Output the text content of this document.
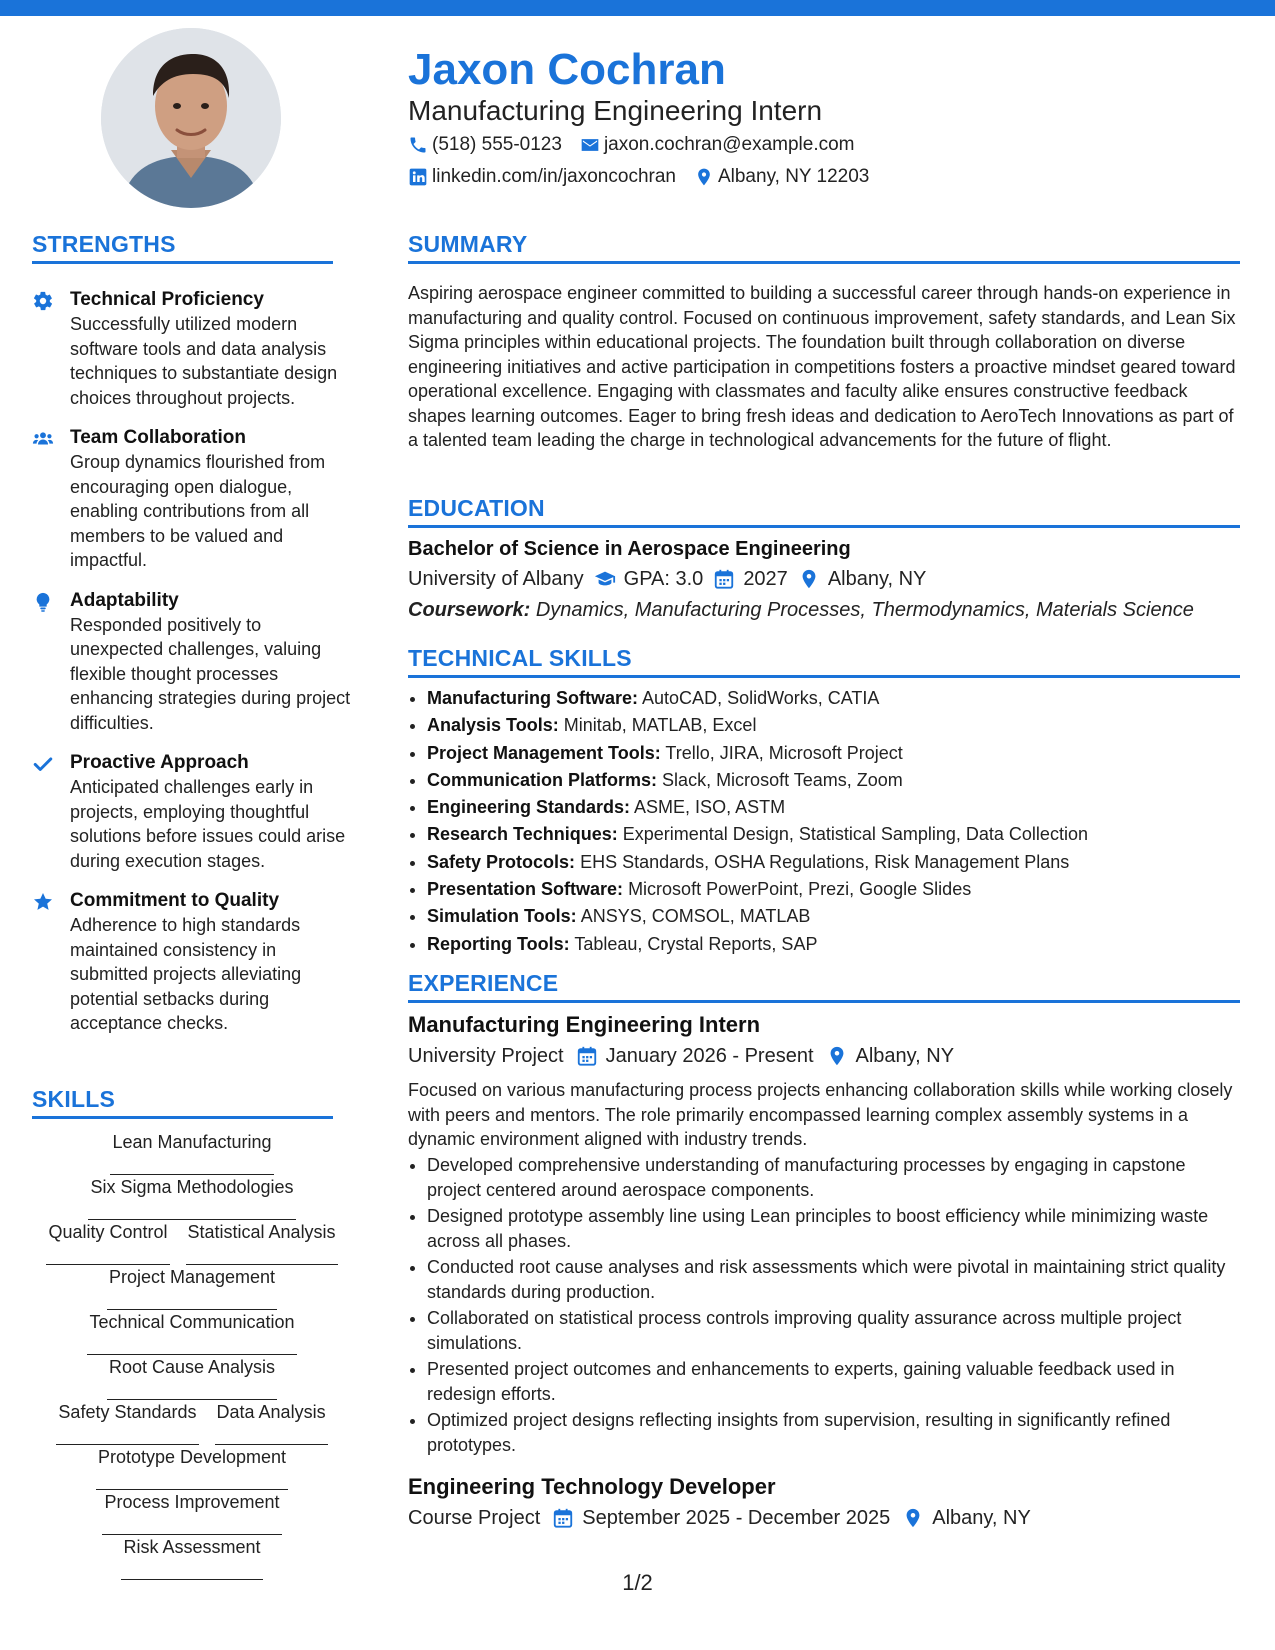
Jaxon Cochran
Manufacturing Engineering Intern
(518) 555-0123 jaxon.cochran@example.com
linkedin.com/in/jaxoncochran Albany, NY 12203
STRENGTHS
Technical Proficiency
Successfully utilized modern software tools and data analysis techniques to substantiate design choices throughout projects.
Team Collaboration
Group dynamics flourished from encouraging open dialogue, enabling contributions from all members to be valued and impactful.
Adaptability
Responded positively to unexpected challenges, valuing flexible thought processes enhancing strategies during project difficulties.
Proactive Approach
Anticipated challenges early in projects, employing thoughtful solutions before issues could arise during execution stages.
Commitment to Quality
Adherence to high standards maintained consistency in submitted projects alleviating potential setbacks during acceptance checks.
SKILLS
Lean Manufacturing
Six Sigma Methodologies
Quality Control Statistical Analysis
Project Management
Technical Communication
Root Cause Analysis
Safety Standards Data Analysis
Prototype Development
Process Improvement
Risk Assessment
SUMMARY
Aspiring aerospace engineer committed to building a successful career through hands-on experience in manufacturing and quality control. Focused on continuous improvement, safety standards, and Lean Six Sigma principles within educational projects. The foundation built through collaboration on diverse engineering initiatives and active participation in competitions fosters a proactive mindset geared toward operational excellence. Engaging with classmates and faculty alike ensures constructive feedback shapes learning outcomes. Eager to bring fresh ideas and dedication to AeroTech Innovations as part of a talented team leading the charge in technological advancements for the future of flight.
EDUCATION
Bachelor of Science in Aerospace Engineering
University of Albany GPA: 3.0 2027 Albany, NY
Coursework: Dynamics, Manufacturing Processes, Thermodynamics, Materials Science
TECHNICAL SKILLS
• Manufacturing Software: AutoCAD, SolidWorks, CATIA
• Analysis Tools: Minitab, MATLAB, Excel
• Project Management Tools: Trello, JIRA, Microsoft Project
• Communication Platforms: Slack, Microsoft Teams, Zoom
• Engineering Standards: ASME, ISO, ASTM
• Research Techniques: Experimental Design, Statistical Sampling, Data Collection
• Safety Protocols: EHS Standards, OSHA Regulations, Risk Management Plans
• Presentation Software: Microsoft PowerPoint, Prezi, Google Slides
• Simulation Tools: ANSYS, COMSOL, MATLAB
• Reporting Tools: Tableau, Crystal Reports, SAP
EXPERIENCE
Manufacturing Engineering Intern
University Project January 2026 - Present Albany, NY
Focused on various manufacturing process projects enhancing collaboration skills while working closely with peers and mentors. The role primarily encompassed learning complex assembly systems in a dynamic environment aligned with industry trends.
• Developed comprehensive understanding of manufacturing processes by engaging in capstone project centered around aerospace components.
• Designed prototype assembly line using Lean principles to boost efficiency while minimizing waste across all phases.
• Conducted root cause analyses and risk assessments which were pivotal in maintaining strict quality standards during production.
• Collaborated on statistical process controls improving quality assurance across multiple project simulations.
• Presented project outcomes and enhancements to experts, gaining valuable feedback used in redesign efforts.
• Optimized project designs reflecting insights from supervision, resulting in significantly refined prototypes.
Engineering Technology Developer
Course Project September 2025 - December 2025 Albany, NY
1/2
